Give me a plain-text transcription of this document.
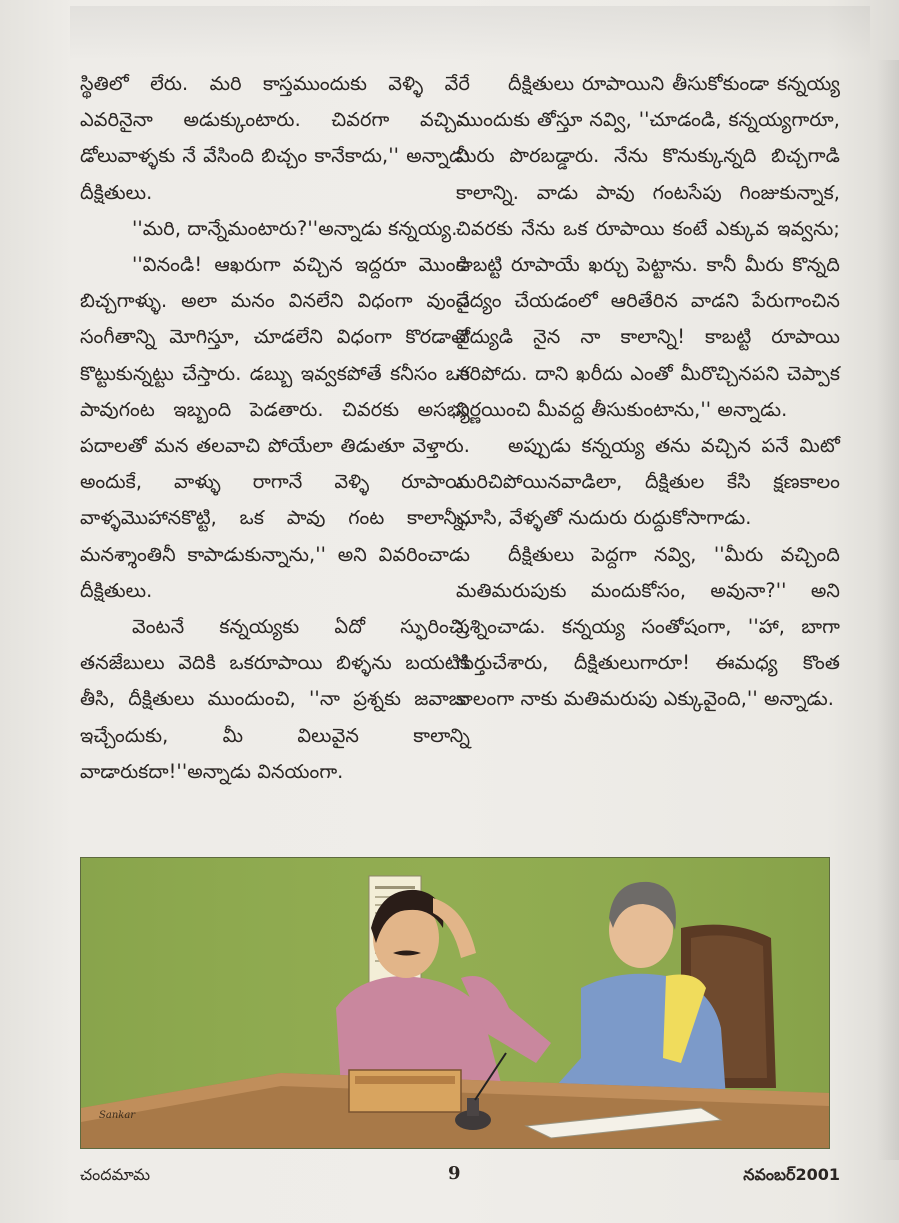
స్థితిలో లేరు. మరి కాస్తముందుకు వెళ్ళి వేరే ఎవరినైనా అడుక్కుంటారు. చివరగా వచ్చిన డోలువాళ్ళకు నే వేసింది బిచ్చం కానేకాదు,'' అన్నాడు దీక్షితులు.

''మరి, దాన్నేమంటారు?''అన్నాడు కన్నయ్య.

''వినండి! ఆఖరుగా వచ్చిన ఇద్దరూ మొండి బిచ్చగాళ్ళు. అలా మనం వినలేని విధంగా వుండే సంగీతాన్ని మోగిస్తూ, చూడలేని విధంగా కొరడాతో కొట్టుకున్నట్టు చేస్తారు. డబ్బు ఇవ్వకపోతే కనీసం ఒక పావుగంట ఇబ్బంది పెడతారు. చివరకు అసభ్య పదాలతో మన తలవాచి పోయేలా తిడుతూ వెళ్తారు. అందుకే, వాళ్ళు రాగానే వెళ్ళి రూపాయి వాళ్ళమొహానకొట్టి, ఒక పావు గంట కాలాన్నీ, మనశ్శాంతినీ కాపాడుకున్నాను,'' అని వివరించాడు దీక్షితులు.

వెంటనే కన్నయ్యకు ఏదో స్ఫురించి, తనజేబులు వెదికి ఒకరూపాయి బిళ్ళను బయటికి తీసి, దీక్షితులు ముందుంచి, ''నా ప్రశ్నకు జవాబు ఇచ్చేందుకు, మీ విలువైన కాలాన్ని వాడారుకదా!''అన్నాడు వినయంగా.

దీక్షితులు రూపాయిని తీసుకోకుండా కన్నయ్య ముందుకు తోస్తూ నవ్వి, ''చూడండి, కన్నయ్యగారూ, మీరు పొరబడ్డారు. నేను కొనుక్కున్నది బిచ్చగాడి కాలాన్ని. వాడు పావు గంటసేపు గింజుకున్నాక, చివరకు నేను ఒక రూపాయి కంటే ఎక్కువ ఇవ్వను; కాబట్టి రూపాయే ఖర్చు పెట్టాను. కానీ మీరు కొన్నది వైద్యం చేయడంలో ఆరితేరిన వాడని పేరుగాంచిన వైద్యుడి నైన నా కాలాన్ని! కాబట్టి రూపాయి సరిపోదు. దాని ఖరీదు ఎంతో మీరొచ్చినపని చెప్పాక నిర్ణయించి మీవద్ద తీసుకుంటాను,'' అన్నాడు.

అప్పుడు కన్నయ్య తను వచ్చిన పనే మిటో మరిచిపోయినవాడిలా, దీక్షితుల కేసి క్షణకాలం చూసి, వేళ్ళతో నుదురు రుద్దుకోసాగాడు.

దీక్షితులు పెద్దగా నవ్వి, ''మీరు వచ్చింది మతిమరుపుకు మందుకోసం, అవునా?'' అని ప్రశ్నించాడు. కన్నయ్య సంతోషంగా, ''హా, బాగా గుర్తుచేశారు, దీక్షితులుగారూ! ఈమధ్య కొంత కాలంగా నాకు మతిమరుపు ఎక్కువైంది,'' అన్నాడు.

Sankar
చందమామ	9	నవంబర్2001
